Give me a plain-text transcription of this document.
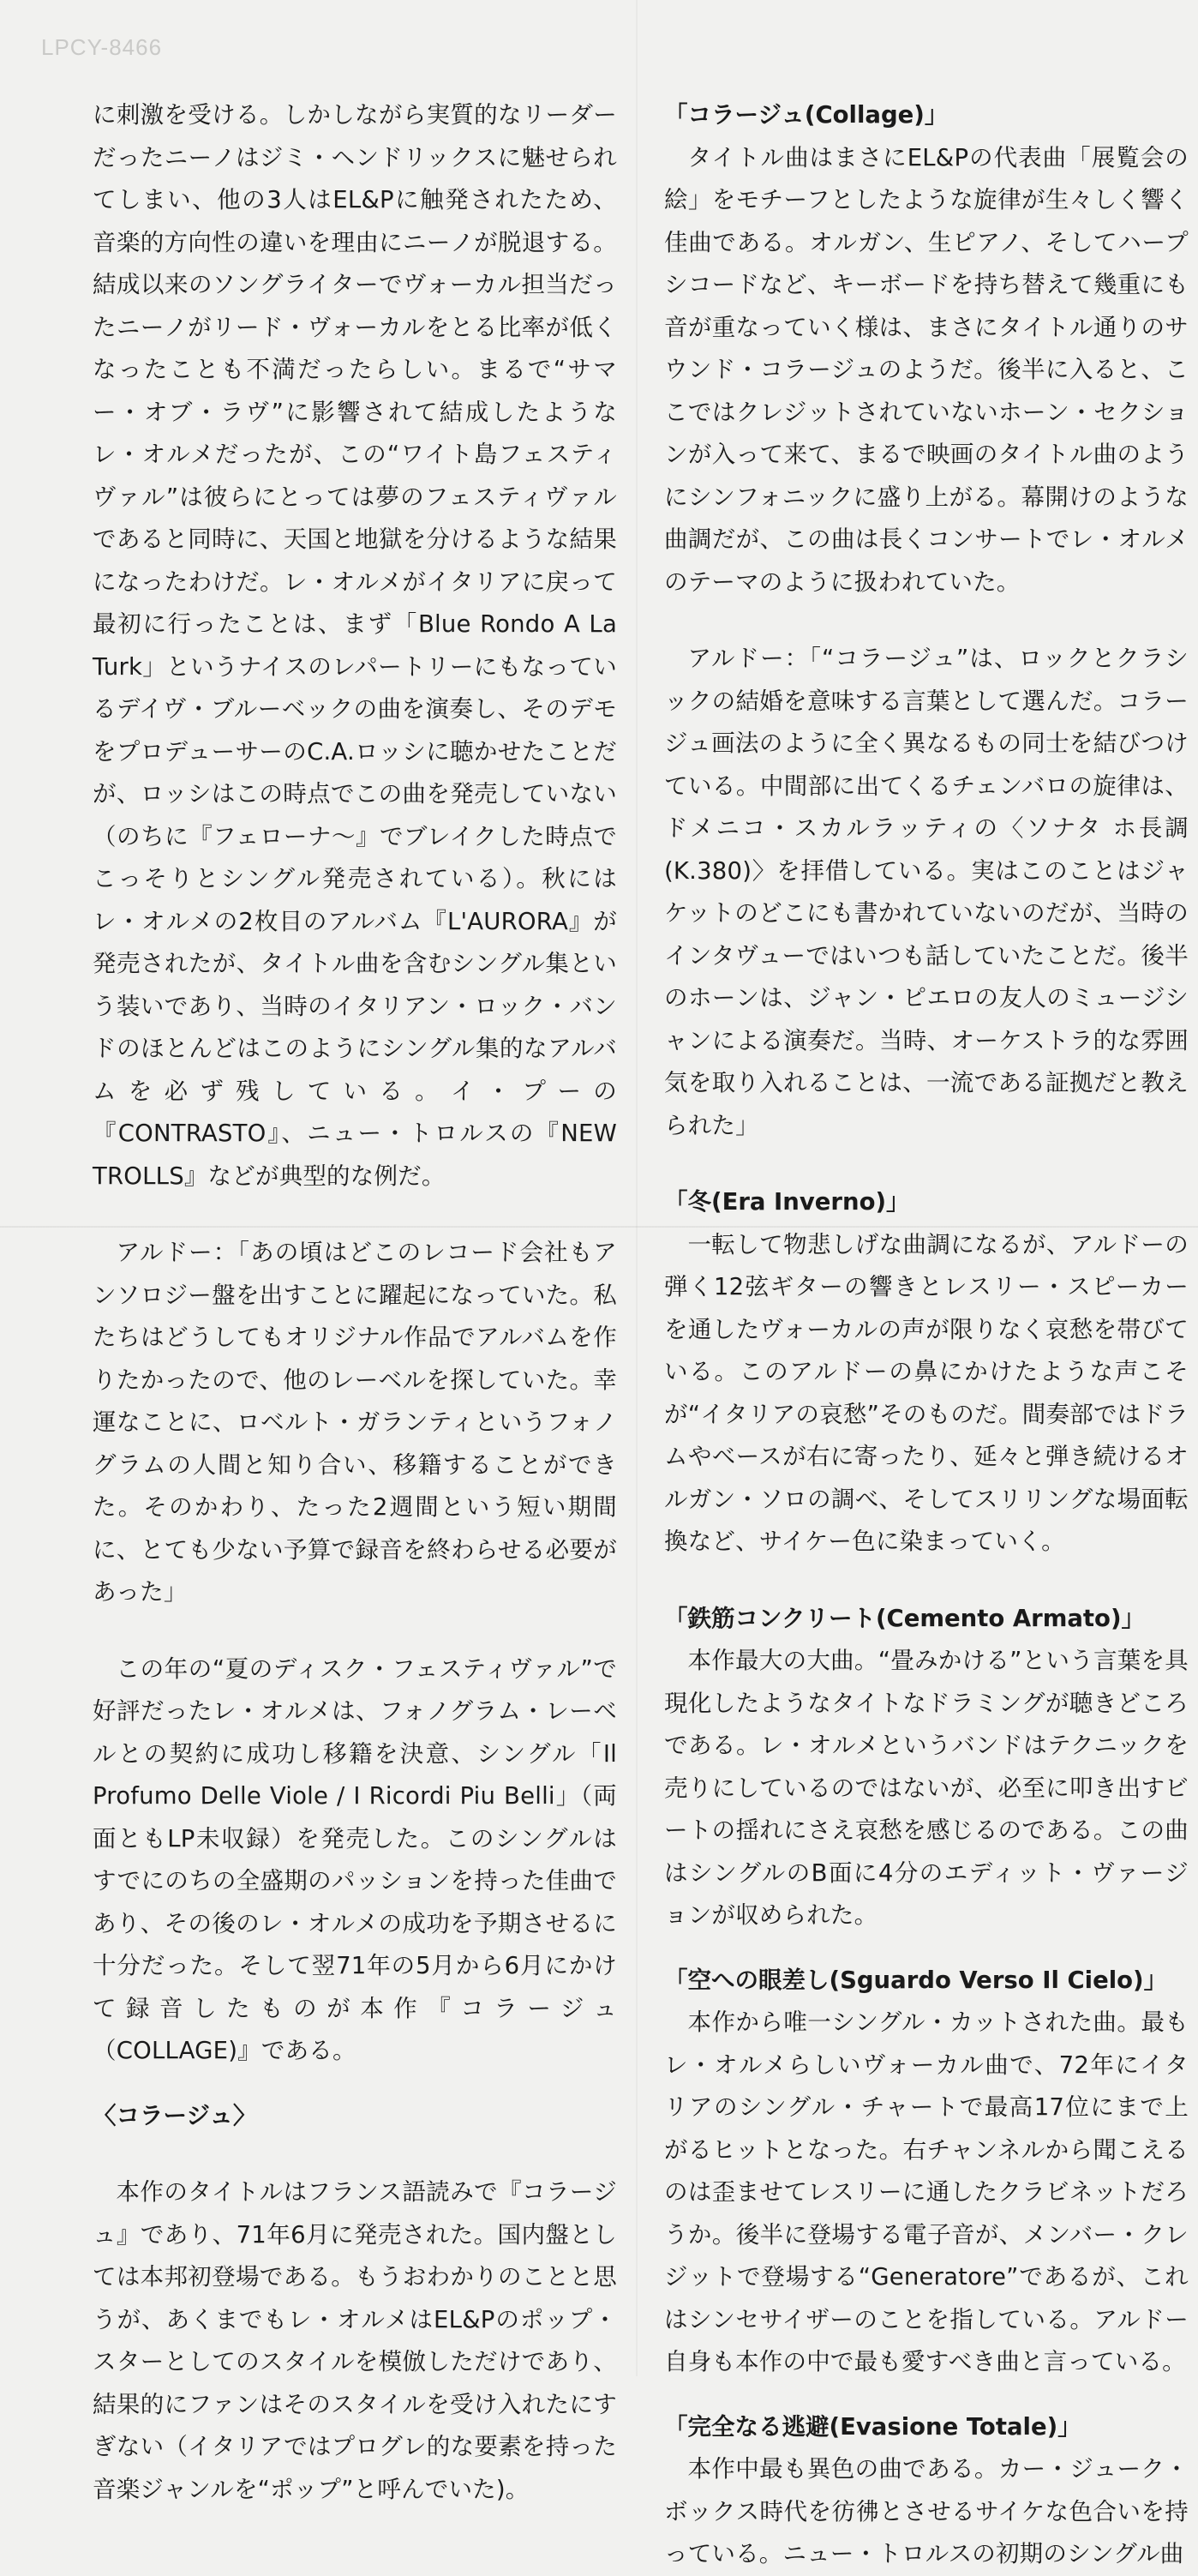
LPCY-8466

に刺激を受ける。しかしながら実質的なリーダーだったニーノはジミ・ヘンドリックスに魅せられてしまい、他の3人はEL&Pに触発されたため、音楽的方向性の違いを理由にニーノが脱退する。結成以来のソングライターでヴォーカル担当だったニーノがリード・ヴォーカルをとる比率が低くなったことも不満だったらしい。まるで“サマー・オブ・ラヴ”に影響されて結成したようなレ・オルメだったが、この“ワイト島フェスティヴァル”は彼らにとっては夢のフェスティヴァルであると同時に、天国と地獄を分けるような結果になったわけだ。レ・オルメがイタリアに戻って最初に行ったことは、まず「Blue Rondo A La Turk」というナイスのレパートリーにもなっているデイヴ・ブルーベックの曲を演奏し、そのデモをプロデューサーのC.A.ロッシに聴かせたことだが、ロッシはこの時点でこの曲を発売していない（のちに『フェローナ〜』でブレイクした時点でこっそりとシングル発売されている）。秋にはレ・オルメの2枚目のアルバム『L'AURORA』が発売されたが、タイトル曲を含むシングル集という装いであり、当時のイタリアン・ロック・バンドのほとんどはこのようにシングル集的なアルバムを必ず残している。イ・プーの『CONTRASTO』、ニュー・トロルスの『NEW TROLLS』などが典型的な例だ。

アルドー：「あの頃はどこのレコード会社もアンソロジー盤を出すことに躍起になっていた。私たちはどうしてもオリジナル作品でアルバムを作りたかったので、他のレーベルを探していた。幸運なことに、ロベルト・ガランティというフォノグラムの人間と知り合い、移籍することができた。そのかわり、たった2週間という短い期間に、とても少ない予算で録音を終わらせる必要があった」

この年の“夏のディスク・フェスティヴァル”で好評だったレ・オルメは、フォノグラム・レーベルとの契約に成功し移籍を決意、シングル「Il Profumo Delle Viole / I Ricordi Piu Belli」（両面ともLP未収録）を発売した。このシングルはすでにのちの全盛期のパッションを持った佳曲であり、その後のレ・オルメの成功を予期させるに十分だった。そして翌71年の5月から6月にかけて録音したものが本作『コラージュ（COLLAGE)』である。

〈コラージュ〉

本作のタイトルはフランス語読みで『コラージュ』であり、71年6月に発売された。国内盤としては本邦初登場である。もうおわかりのことと思うが、あくまでもレ・オルメはEL&Pのポップ・スターとしてのスタイルを模倣しただけであり、結果的にファンはそのスタイルを受け入れたにすぎない（イタリアではプログレ的な要素を持った音楽ジャンルを“ポップ”と呼んでいた)。

「コラージュ(Collage)」

タイトル曲はまさにEL&Pの代表曲「展覧会の絵」をモチーフとしたような旋律が生々しく響く佳曲である。オルガン、生ピアノ、そしてハープシコードなど、キーボードを持ち替えて幾重にも音が重なっていく様は、まさにタイトル通りのサウンド・コラージュのようだ。後半に入ると、ここではクレジットされていないホーン・セクションが入って来て、まるで映画のタイトル曲のようにシンフォニックに盛り上がる。幕開けのような曲調だが、この曲は長くコンサートでレ・オルメのテーマのように扱われていた。

アルドー：「“コラージュ”は、ロックとクラシックの結婚を意味する言葉として選んだ。コラージュ画法のように全く異なるもの同士を結びつけている。中間部に出てくるチェンバロの旋律は、ドメニコ・スカルラッティの〈ソナタ ホ長調(K.380)〉を拝借している。実はこのことはジャケットのどこにも書かれていないのだが、当時のインタヴューではいつも話していたことだ。後半のホーンは、ジャン・ピエロの友人のミュージシャンによる演奏だ。当時、オーケストラ的な雰囲気を取り入れることは、一流である証拠だと教えられた」

「冬(Era Inverno)」

一転して物悲しげな曲調になるが、アルドーの弾く12弦ギターの響きとレスリー・スピーカーを通したヴォーカルの声が限りなく哀愁を帯びている。このアルドーの鼻にかけたような声こそが“イタリアの哀愁”そのものだ。間奏部ではドラムやベースが右に寄ったり、延々と弾き続けるオルガン・ソロの調べ、そしてスリリングな場面転換など、サイケー色に染まっていく。

「鉄筋コンクリート(Cemento Armato)」

本作最大の大曲。“畳みかける”という言葉を具現化したようなタイトなドラミングが聴きどころである。レ・オルメというバンドはテクニックを売りにしているのではないが、必至に叩き出すビートの揺れにさえ哀愁を感じるのである。この曲はシングルのB面に4分のエディット・ヴァージョンが収められた。

「空への眼差し(Sguardo Verso Il Cielo)」

本作から唯一シングル・カットされた曲。最もレ・オルメらしいヴォーカル曲で、72年にイタリアのシングル・チャートで最高17位にまで上がるヒットとなった。右チャンネルから聞こえるのは歪ませてレスリーに通したクラビネットだろうか。後半に登場する電子音が、メンバー・クレジットで登場する“Generatore”であるが、これはシンセサイザーのことを指している。アルドー自身も本作の中で最も愛すべき曲と言っている。

「完全なる逃避(Evasione Totale)」

本作中最も異色の曲である。カー・ジューク・ボックス時代を彷彿とさせるサイケな色合いを持っている。ニュー・トロルスの初期のシングル曲
